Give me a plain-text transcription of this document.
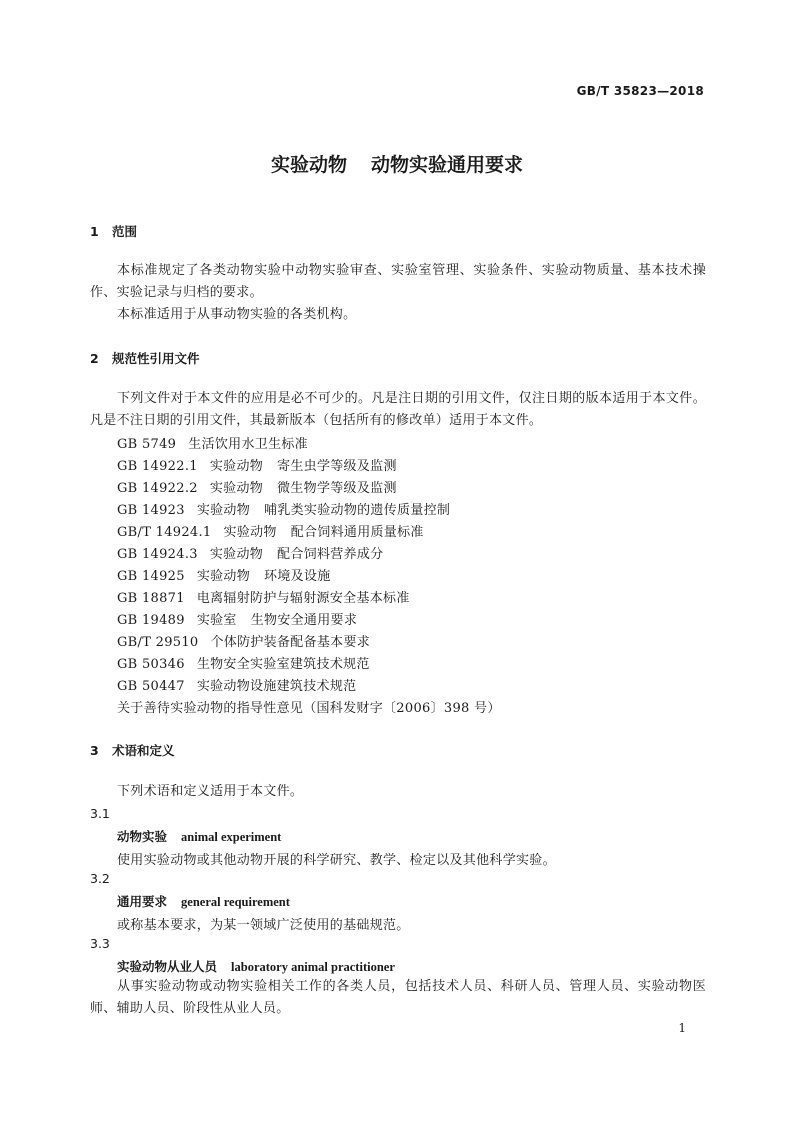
GB/T 35823—2018
实验动物 动物实验通用要求
1 范围
本标准规定了各类动物实验中动物实验审查、实验室管理、实验条件、实验动物质量、基本技术操作、实验记录与归档的要求。
本标准适用于从事动物实验的各类机构。
2 规范性引用文件
下列文件对于本文件的应用是必不可少的。凡是注日期的引用文件，仅注日期的版本适用于本文件。凡是不注日期的引用文件，其最新版本（包括所有的修改单）适用于本文件。
GB 5749 生活饮用水卫生标准
GB 14922.1 实验动物 寄生虫学等级及监测
GB 14922.2 实验动物 微生物学等级及监测
GB 14923 实验动物 哺乳类实验动物的遗传质量控制
GB/T 14924.1 实验动物 配合饲料通用质量标准
GB 14924.3 实验动物 配合饲料营养成分
GB 14925 实验动物 环境及设施
GB 18871 电离辐射防护与辐射源安全基本标准
GB 19489 实验室 生物安全通用要求
GB/T 29510 个体防护装备配备基本要求
GB 50346 生物安全实验室建筑技术规范
GB 50447 实验动物设施建筑技术规范
关于善待实验动物的指导性意见（国科发财字〔2006〕398 号）
3 术语和定义
下列术语和定义适用于本文件。
3.1
动物实验 animal experiment
使用实验动物或其他动物开展的科学研究、教学、检定以及其他科学实验。
3.2
通用要求 general requirement
或称基本要求，为某一领域广泛使用的基础规范。
3.3
实验动物从业人员 laboratory animal practitioner
从事实验动物或动物实验相关工作的各类人员，包括技术人员、科研人员、管理人员、实验动物医师、辅助人员、阶段性从业人员。
1
